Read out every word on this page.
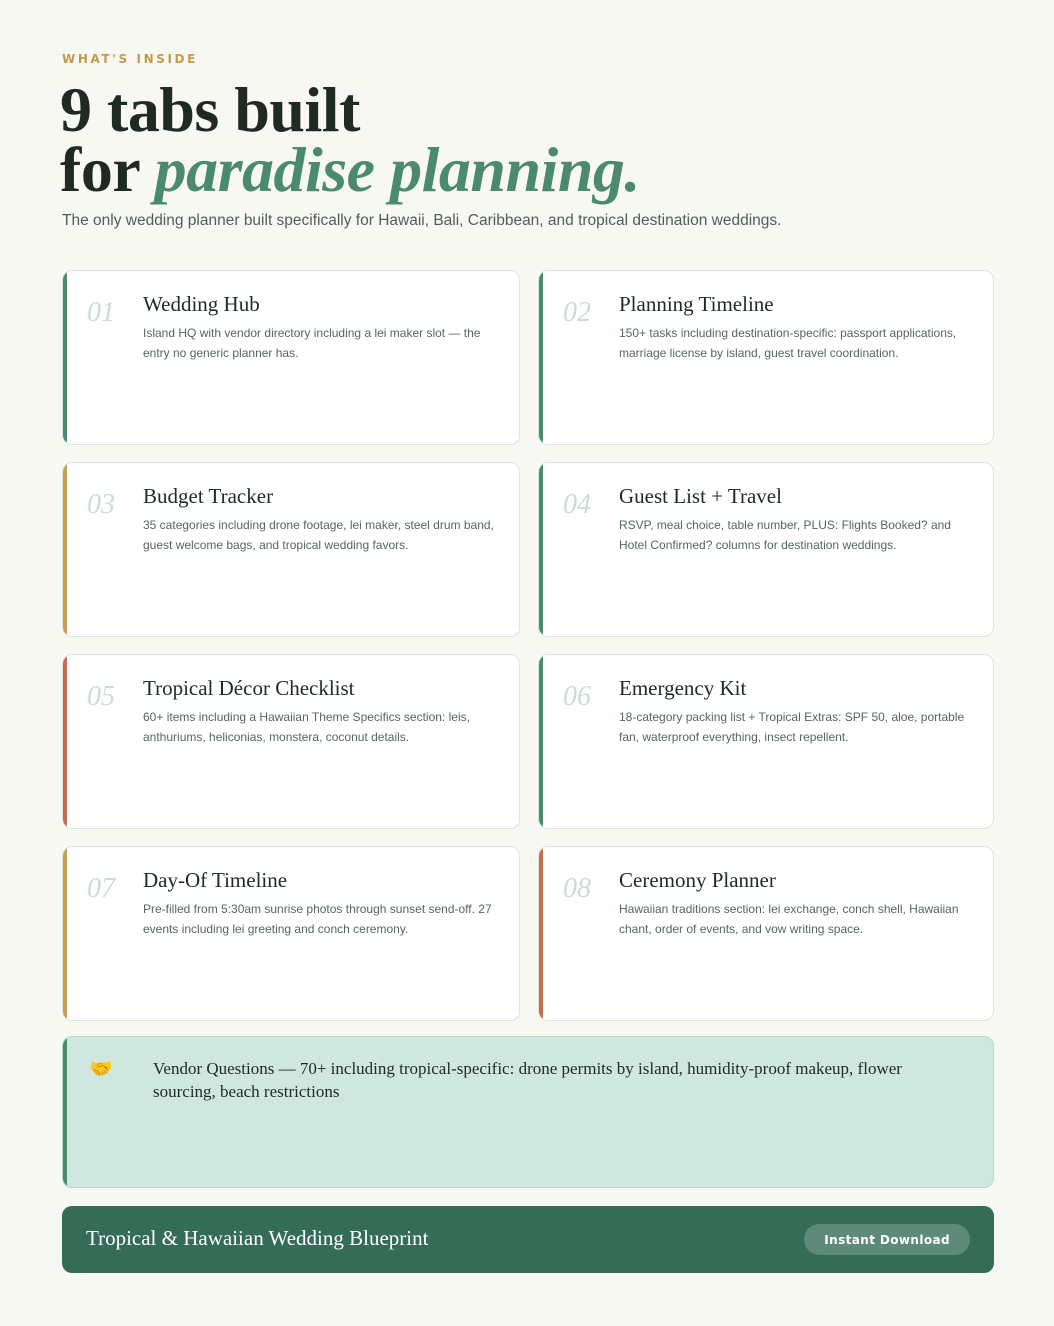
WHAT'S INSIDE
9 tabs built
for paradise planning.

The only wedding planner built specifically for Hawaii, Bali, Caribbean, and tropical destination weddings.

01 Wedding Hub
Island HQ with vendor directory including a lei maker slot — the entry no generic planner has.
02 Planning Timeline
150+ tasks including destination-specific: passport applications, marriage license by island, guest travel coordination.
03 Budget Tracker
35 categories including drone footage, lei maker, steel drum band, guest welcome bags, and tropical wedding favors.
04 Guest List + Travel
RSVP, meal choice, table number, PLUS: Flights Booked? and Hotel Confirmed? columns for destination weddings.
05 Tropical Décor Checklist
60+ items including a Hawaiian Theme Specifics section: leis, anthuriums, heliconias, monstera, coconut details.
06 Emergency Kit
18-category packing list + Tropical Extras: SPF 50, aloe, portable fan, waterproof everything, insect repellent.
07 Day-Of Timeline
Pre-filled from 5:30am sunrise photos through sunset send-off. 27 events including lei greeting and conch ceremony.
08 Ceremony Planner
Hawaiian traditions section: lei exchange, conch shell, Hawaiian chant, order of events, and vow writing space.
🤝 Vendor Questions — 70+ including tropical-specific: drone permits by island, humidity-proof makeup, flower sourcing, beach restrictions
Tropical & Hawaiian Wedding Blueprint	Instant Download
